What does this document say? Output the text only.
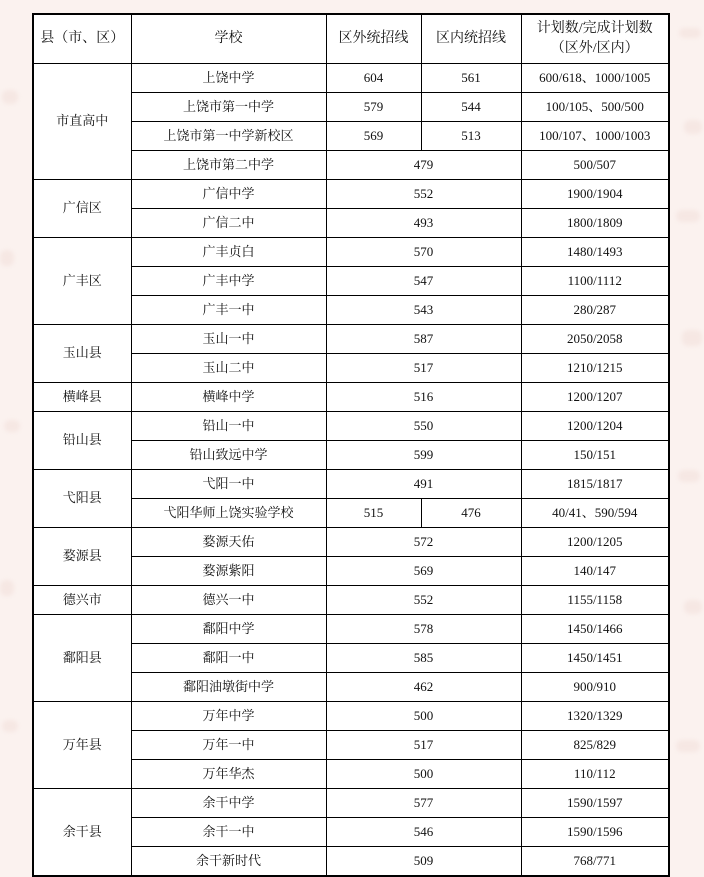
县（市、区）	学校	区外统招线	区内统招线	计划数/完成计划数（区外/区内）
市直高中	上饶中学	604	561	600/618、1000/1005
	上饶市第一中学	579	544	100/105、500/500
	上饶市第一中学新校区	569	513	100/107、1000/1003
	上饶市第二中学	479		500/507
广信区	广信中学	552		1900/1904
	广信二中	493		1800/1809
广丰区	广丰贞白	570		1480/1493
	广丰中学	547		1100/1112
	广丰一中	543		280/287
玉山县	玉山一中	587		2050/2058
	玉山二中	517		1210/1215
横峰县	横峰中学	516		1200/1207
铅山县	铅山一中	550		1200/1204
	铅山致远中学	599		150/151
弋阳县	弋阳一中	491		1815/1817
	弋阳华师上饶实验学校	515	476	40/41、590/594
婺源县	婺源天佑	572		1200/1205
	婺源紫阳	569		140/147
德兴市	德兴一中	552		1155/1158
鄱阳县	鄱阳中学	578		1450/1466
	鄱阳一中	585		1450/1451
	鄱阳油墩街中学	462		900/910
万年县	万年中学	500		1320/1329
	万年一中	517		825/829
	万年华杰	500		110/112
余干县	余干中学	577		1590/1597
	余干一中	546		1590/1596
	余干新时代	509		768/771
